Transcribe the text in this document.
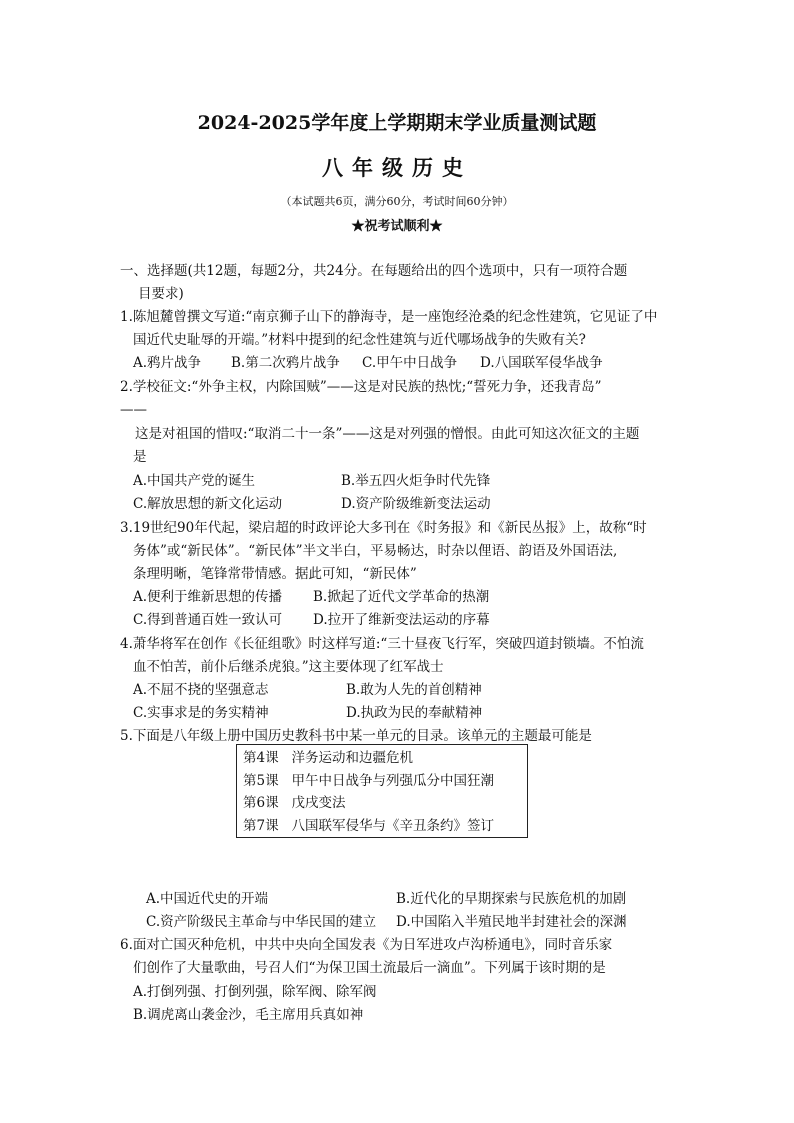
2024-2025学年度上学期期末学业质量测试题
八年级历史
（本试题共6页，满分60分，考试时间60分钟）
★祝考试顺利★
一、选择题(共12题，每题2分，共24分。在每题给出的四个选项中，只有一项符合题
目要求)
1.陈旭麓曾撰文写道:“南京狮子山下的静海寺，是一座饱经沧桑的纪念性建筑，它见证了中
国近代史耻辱的开端。”材料中提到的纪念性建筑与近代哪场战争的失败有关?
A.鸦片战争 B.第二次鸦片战争 C.甲午中日战争 D.八国联军侵华战争
2.学校征文:“外争主权，内除国贼”——这是对民族的热忱;“誓死力争，还我青岛”
——
这是对祖国的惜叹:“取消二十一条”——这是对列强的憎恨。由此可知这次征文的主题
是
A.中国共产党的诞生	B.举五四火炬争时代先锋
C.解放思想的新文化运动	D.资产阶级维新变法运动
3.19世纪90年代起，梁启超的时政评论大多刊在《时务报》和《新民丛报》上，故称“时
务体”或“新民体”。“新民体”半文半白，平易畅达，时杂以俚语、韵语及外国语法,
条理明晰，笔锋常带情感。据此可知，“新民体”
A.便利于维新思想的传播 B.掀起了近代文学革命的热潮
C.得到普通百姓一致认可 D.拉开了维新变法运动的序幕
4.萧华将军在创作《长征组歌》时这样写道:“三十昼夜飞行军，突破四道封锁墙。不怕流
血不怕苦，前仆后继杀虎狼。”这主要体现了红军战士
A.不屈不挠的坚强意志	B.敢为人先的首创精神
C.实事求是的务实精神	D.执政为民的奉献精神
5.下面是八年级上册中国历史教科书中某一单元的目录。该单元的主题最可能是
第4课 洋务运动和边疆危机
第5课 甲午中日战争与列强瓜分中国狂潮
第6课 戊戌变法
第7课 八国联军侵华与《辛丑条约》签订
A.中国近代史的开端	B.近代化的早期探索与民族危机的加剧
C.资产阶级民主革命与中华民国的建立 D.中国陷入半殖民地半封建社会的深渊
6.面对亡国灭种危机，中共中央向全国发表《为日军进攻卢沟桥通电》，同时音乐家
们创作了大量歌曲，号召人们“为保卫国土流最后一滴血”。下列属于该时期的是
A.打倒列强、打倒列强，除军阀、除军阀
B.调虎离山袭金沙，毛主席用兵真如神
